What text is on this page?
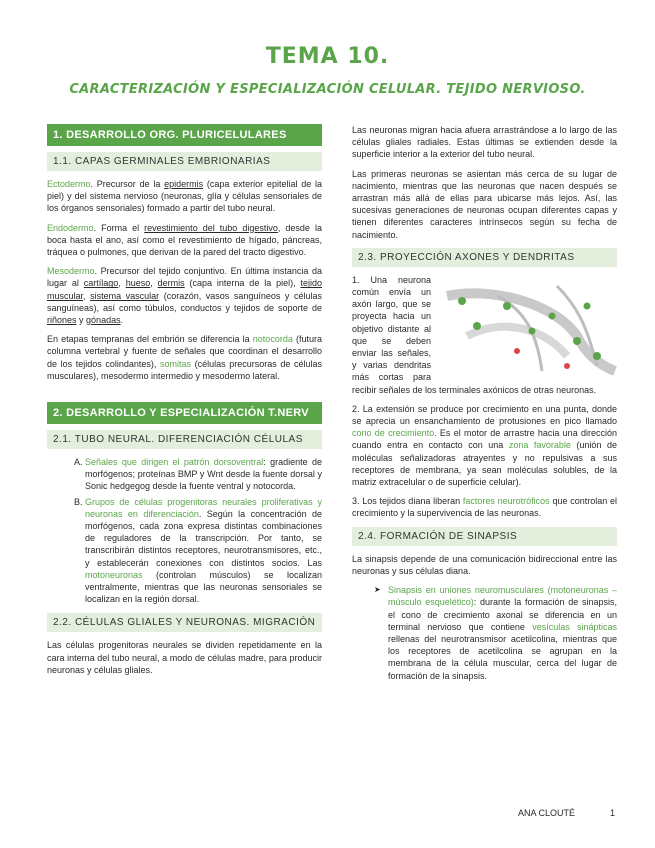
TEMA 10.
CARACTERIZACIÓN Y ESPECIALIZACIÓN CELULAR. TEJIDO NERVIOSO.
1. DESARROLLO ORG. PLURICELULARES
1.1. CAPAS GERMINALES EMBRIONARIAS

Ectodermo. Precursor de la epidermis (capa exterior epitelial de la piel) y del sistema nervioso (neuronas, glía y células sensoriales de los órganos sensoriales) formado a partir del tubo neural.

Endodermo. Forma el revestimiento del tubo digestivo, desde la boca hasta el ano, así como el revestimiento de hígado, páncreas, tráquea o pulmones, que derivan de la pared del tracto digestivo.

Mesodermo. Precursor del tejido conjuntivo. En última instancia da lugar al cartílago, hueso, dermis (capa interna de la piel), tejido muscular, sistema vascular (corazón, vasos sanguíneos y células sanguíneas), así como túbulos, conductos y tejidos de soporte de riñones y gónadas.

En etapas tempranas del embrión se diferencia la notocorda (futura columna vertebral y fuente de señales que coordinan el desarrollo de los tejidos colindantes), somitas (células precursoras de células musculares), mesodermo intermedio y mesodermo lateral.

2. DESARROLLO Y ESPECIALIZACIÓN T.NERV
2.1. TUBO NEURAL. DIFERENCIACIÓN CÉLULAS
A. Señales que dirigen el patrón dorsoventral: gradiente de morfógenos; proteínas BMP y Wnt desde la fuente dorsal y Sonic hedgegog desde la fuente ventral y notocorda.
B. Grupos de células progenitoras neurales proliferativas y neuronas en diferenciación. Según la concentración de morfógenos, cada zona expresa distintas combinaciones de reguladores de la transcripción. Por tanto, se transcribirán distintos receptores, neurotransmisores, etc., y establecerán conexiones con distintos socios. Las motoneuronas (controlan músculos) se localizan ventralmente, mientras que las neuronas sensoriales se localizan en la región dorsal.
2.2. CÉLULAS GLIALES Y NEURONAS. MIGRACIÓN

Las células progenitoras neurales se dividen repetidamente en la cara interna del tubo neural, a modo de células madre, para producir neuronas y células gliales.

Las neuronas migran hacia afuera arrastrándose a lo largo de las células gliales radiales. Estas últimas se extienden desde la superficie interior a la exterior del tubo neural.

Las primeras neuronas se asientan más cerca de su lugar de nacimiento, mientras que las neuronas que nacen después se arrastran más allá de ellas para ubicarse más lejos. Así, las sucesivas generaciones de neuronas ocupan diferentes capas y tienen diferentes caracteres intrínsecos según su fecha de nacimiento.

2.3. PROYECCIÓN AXONES Y DENDRITAS

1. Una neurona común envía un axón largo, que se proyecta hacia un objetivo distante al que se deben enviar las señales, y varias dendritas más cortas para recibir señales de los terminales axónicos de otras neuronas.

2. La extensión se produce por crecimiento en una punta, donde se aprecia un ensanchamiento de protusiones en pico llamado cono de crecimiento. Es el motor de arrastre hacia una dirección cuando entra en contacto con una zona favorable (unión de moléculas señalizadoras atrayentes y no repulsivas a sus receptores de membrana, ya sean moléculas solubles, de la matriz extracelular o de superficie celular).

3. Los tejidos diana liberan factores neurotróficos que controlan el crecimiento y la supervivencia de las neuronas.

2.4. FORMACIÓN DE SINAPSIS

La sinapsis depende de una comunicación bidireccional entre las neuronas y sus células diana.

➤ Sinapsis en uniones neuromusculares (motoneuronas – músculo esquelético): durante la formación de sinapsis, el cono de crecimiento axonal se diferencia en un terminal nervioso que contiene vesículas sinápticas rellenas del neurotransmisor acetilcolina, mientras que los receptores de acetilcolina se agrupan en la membrana de la célula muscular, cerca del lugar de formación de la sinapsis.
ANA CLOUTÉ	1
